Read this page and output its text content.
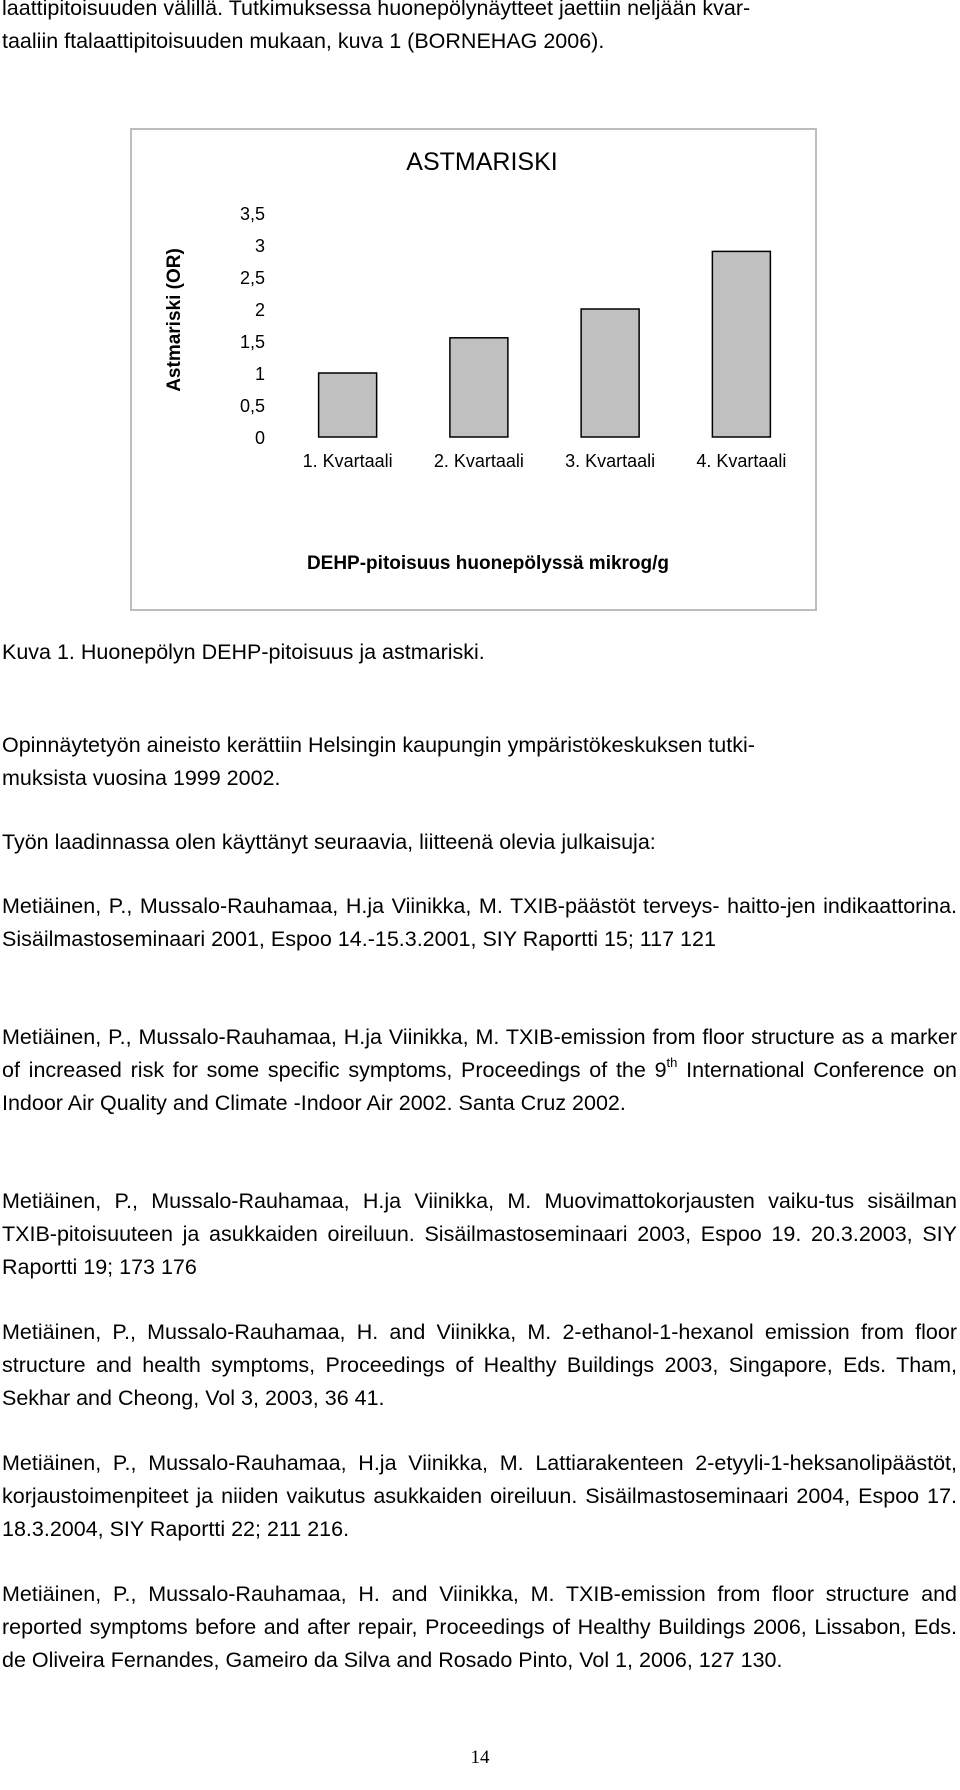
laattipitoisuuden välillä. Tutkimuksessa huonepölynäytteet jaettiin neljään kvar-
taaliin ftalaattipitoisuuden mukaan, kuva 1 (BORNEHAG 2006).
ASTMARISKI
Astmariski (OR)
DEHP-pitoisuus huonepölyssä mikrog/g
0
0,5
1
1,5
2
2,5
3
3,5
1. Kvartaali 2. Kvartaali 3. Kvartaali 4. Kvartaali
Kuva 1. Huonepölyn DEHP-pitoisuus ja astmariski.
Opinnäytetyön aineisto kerättiin Helsingin kaupungin ympäristökeskuksen tutki-
muksista vuosina 1999 2002.
Työn laadinnassa olen käyttänyt seuraavia, liitteenä olevia julkaisuja:
Metiäinen, P., Mussalo-Rauhamaa, H.ja Viinikka, M. TXIB-päästöt terveys- haitto-jen indikaattorina. Sisäilmastoseminaari 2001, Espoo 14.-15.3.2001, SIY Raportti 15; 117 121
Metiäinen, P., Mussalo-Rauhamaa, H.ja Viinikka, M. TXIB-emission from floor structure as a marker of increased risk for some specific symptoms, Proceedings of the 9th International Conference on Indoor Air Quality and Climate -Indoor Air 2002. Santa Cruz 2002.
Metiäinen, P., Mussalo-Rauhamaa, H.ja Viinikka, M. Muovimattokorjausten vaiku-tus sisäilman TXIB-pitoisuuteen ja asukkaiden oireiluun. Sisäilmastoseminaari 2003, Espoo 19. 20.3.2003, SIY Raportti 19; 173 176
Metiäinen, P., Mussalo-Rauhamaa, H. and Viinikka, M. 2-ethanol-1-hexanol emission from floor structure and health symptoms, Proceedings of Healthy Buildings 2003, Singapore, Eds. Tham, Sekhar and Cheong, Vol 3, 2003, 36 41.
Metiäinen, P., Mussalo-Rauhamaa, H.ja Viinikka, M. Lattiarakenteen 2-etyyli-1-heksanolipäästöt, korjaustoimenpiteet ja niiden vaikutus asukkaiden oireiluun. Sisäilmastoseminaari 2004, Espoo 17. 18.3.2004, SIY Raportti 22; 211 216.
Metiäinen, P., Mussalo-Rauhamaa, H. and Viinikka, M. TXIB-emission from floor structure and reported symptoms before and after repair, Proceedings of Healthy Buildings 2006, Lissabon, Eds. de Oliveira Fernandes, Gameiro da Silva and Rosado Pinto, Vol 1, 2006, 127 130.
14
